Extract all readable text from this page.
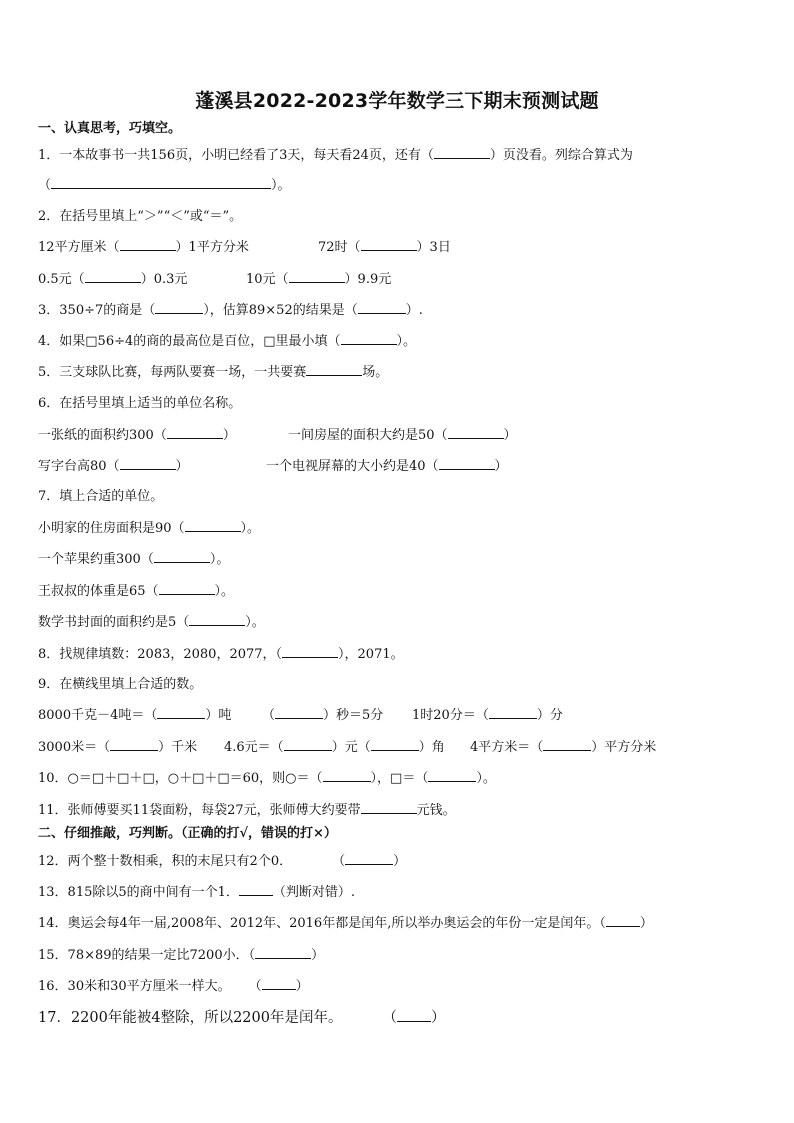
蓬溪县2022-2023学年数学三下期末预测试题
一、认真思考，巧填空。
1．一本故事书一共156页，小明已经看了3天，每天看24页，还有（	）页没看。列综合算式为
（	）。
2．在括号里填上“＞”“＜”或“＝”。
12平方厘米（	）1平方分米	72时（	）3日
0.5元（	）0.3元	10元（	）9.9元
3．350÷7的商是（	），估算89×52的结果是（	）.
4．如果□56÷4的商的最高位是百位，□里最小填（	）。
5．三支球队比赛，每两队要赛一场，一共要赛	场。
6．在括号里填上适当的单位名称。
一张纸的面积约300（	）	一间房屋的面积大约是50（	）
写字台高80（	）	一个电视屏幕的大小约是40（	）
7．填上合适的单位。
小明家的住房面积是90（	）。
一个苹果约重300（	）。
王叔叔的体重是65（	）。
数学书封面的面积约是5（	）。
8．找规律填数：2083，2080，2077，（	），2071。
9．在横线里填上合适的数。
8000千克－4吨＝（	）吨 （	）秒＝5分 1时20分＝（	）分
3000米＝（	）千米 4.6元＝（	）元（	）角 4平方米＝（	）平方分米
10．○＝□＋□＋□，○＋□＋□＝60，则○＝（	），□＝（	）。
11．张师傅要买11袋面粉，每袋27元，张师傅大约要带	元钱。
二、仔细推敲，巧判断。（正确的打√，错误的打×）
12．两个整十数相乘，积的末尾只有2个0．	（	）
13．815除以5的商中间有一个1．	（判断对错）.
14．奥运会每4年一届,2008年、2012年、2016年都是闰年,所以举办奥运会的年份一定是闰年。（	）
15．78×89的结果一定比7200小．（	）
16．30米和30平方厘米一样大。 （	）
17．2200年能被4整除，所以2200年是闰年。	（ ）
